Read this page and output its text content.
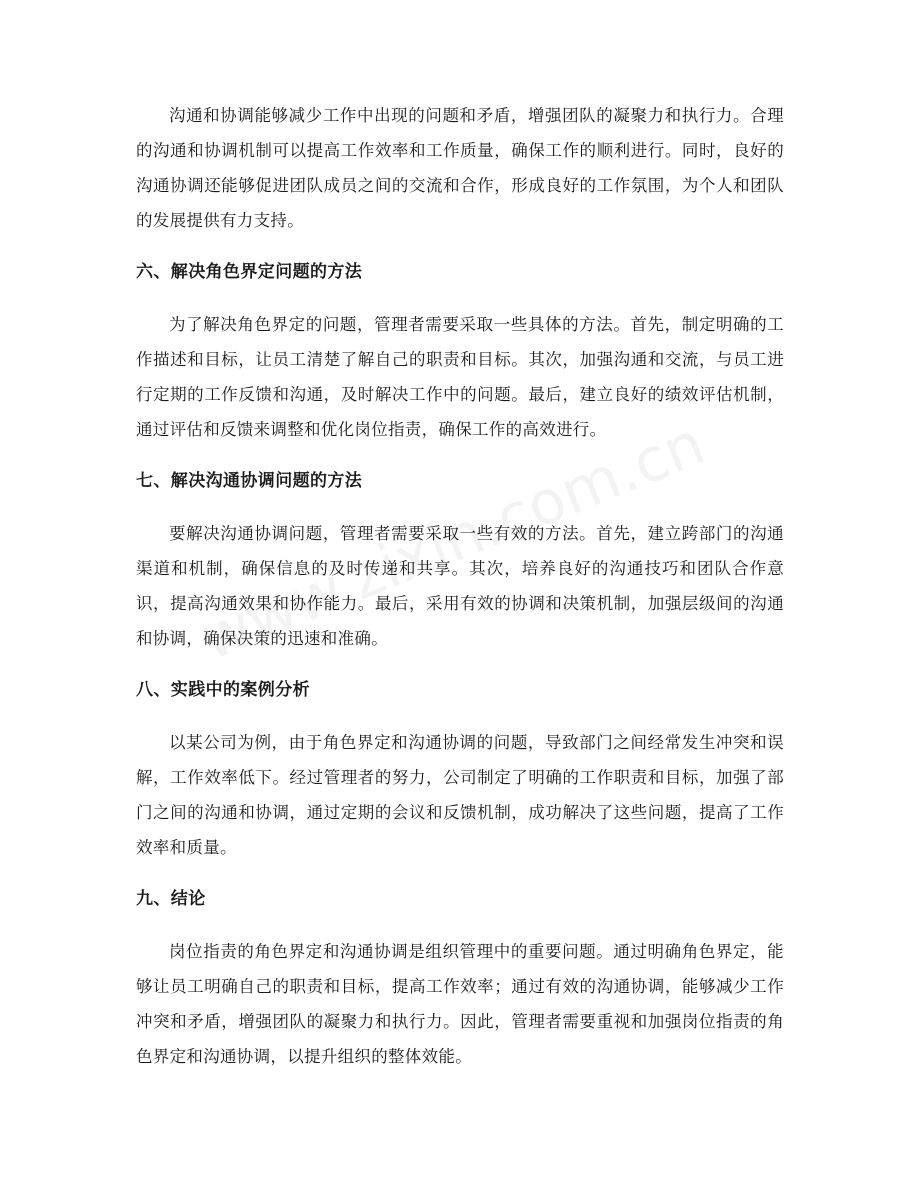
沟通和协调能够减少工作中出现的问题和矛盾，增强团队的凝聚力和执行力。合理的沟通和协调机制可以提高工作效率和工作质量，确保工作的顺利进行。同时，良好的沟通协调还能够促进团队成员之间的交流和合作，形成良好的工作氛围，为个人和团队的发展提供有力支持。

六、解决角色界定问题的方法

为了解决角色界定的问题，管理者需要采取一些具体的方法。首先，制定明确的工作描述和目标，让员工清楚了解自己的职责和目标。其次，加强沟通和交流，与员工进行定期的工作反馈和沟通，及时解决工作中的问题。最后，建立良好的绩效评估机制，通过评估和反馈来调整和优化岗位指责，确保工作的高效进行。

七、解决沟通协调问题的方法

要解决沟通协调问题，管理者需要采取一些有效的方法。首先，建立跨部门的沟通渠道和机制，确保信息的及时传递和共享。其次，培养良好的沟通技巧和团队合作意识，提高沟通效果和协作能力。最后，采用有效的协调和决策机制，加强层级间的沟通和协调，确保决策的迅速和准确。

八、实践中的案例分析

以某公司为例，由于角色界定和沟通协调的问题，导致部门之间经常发生冲突和误解，工作效率低下。经过管理者的努力，公司制定了明确的工作职责和目标，加强了部门之间的沟通和协调，通过定期的会议和反馈机制，成功解决了这些问题，提高了工作效率和质量。

九、结论

岗位指责的角色界定和沟通协调是组织管理中的重要问题。通过明确角色界定，能够让员工明确自己的职责和目标，提高工作效率；通过有效的沟通协调，能够减少工作冲突和矛盾，增强团队的凝聚力和执行力。因此，管理者需要重视和加强岗位指责的角色界定和沟通协调，以提升组织的整体效能。
